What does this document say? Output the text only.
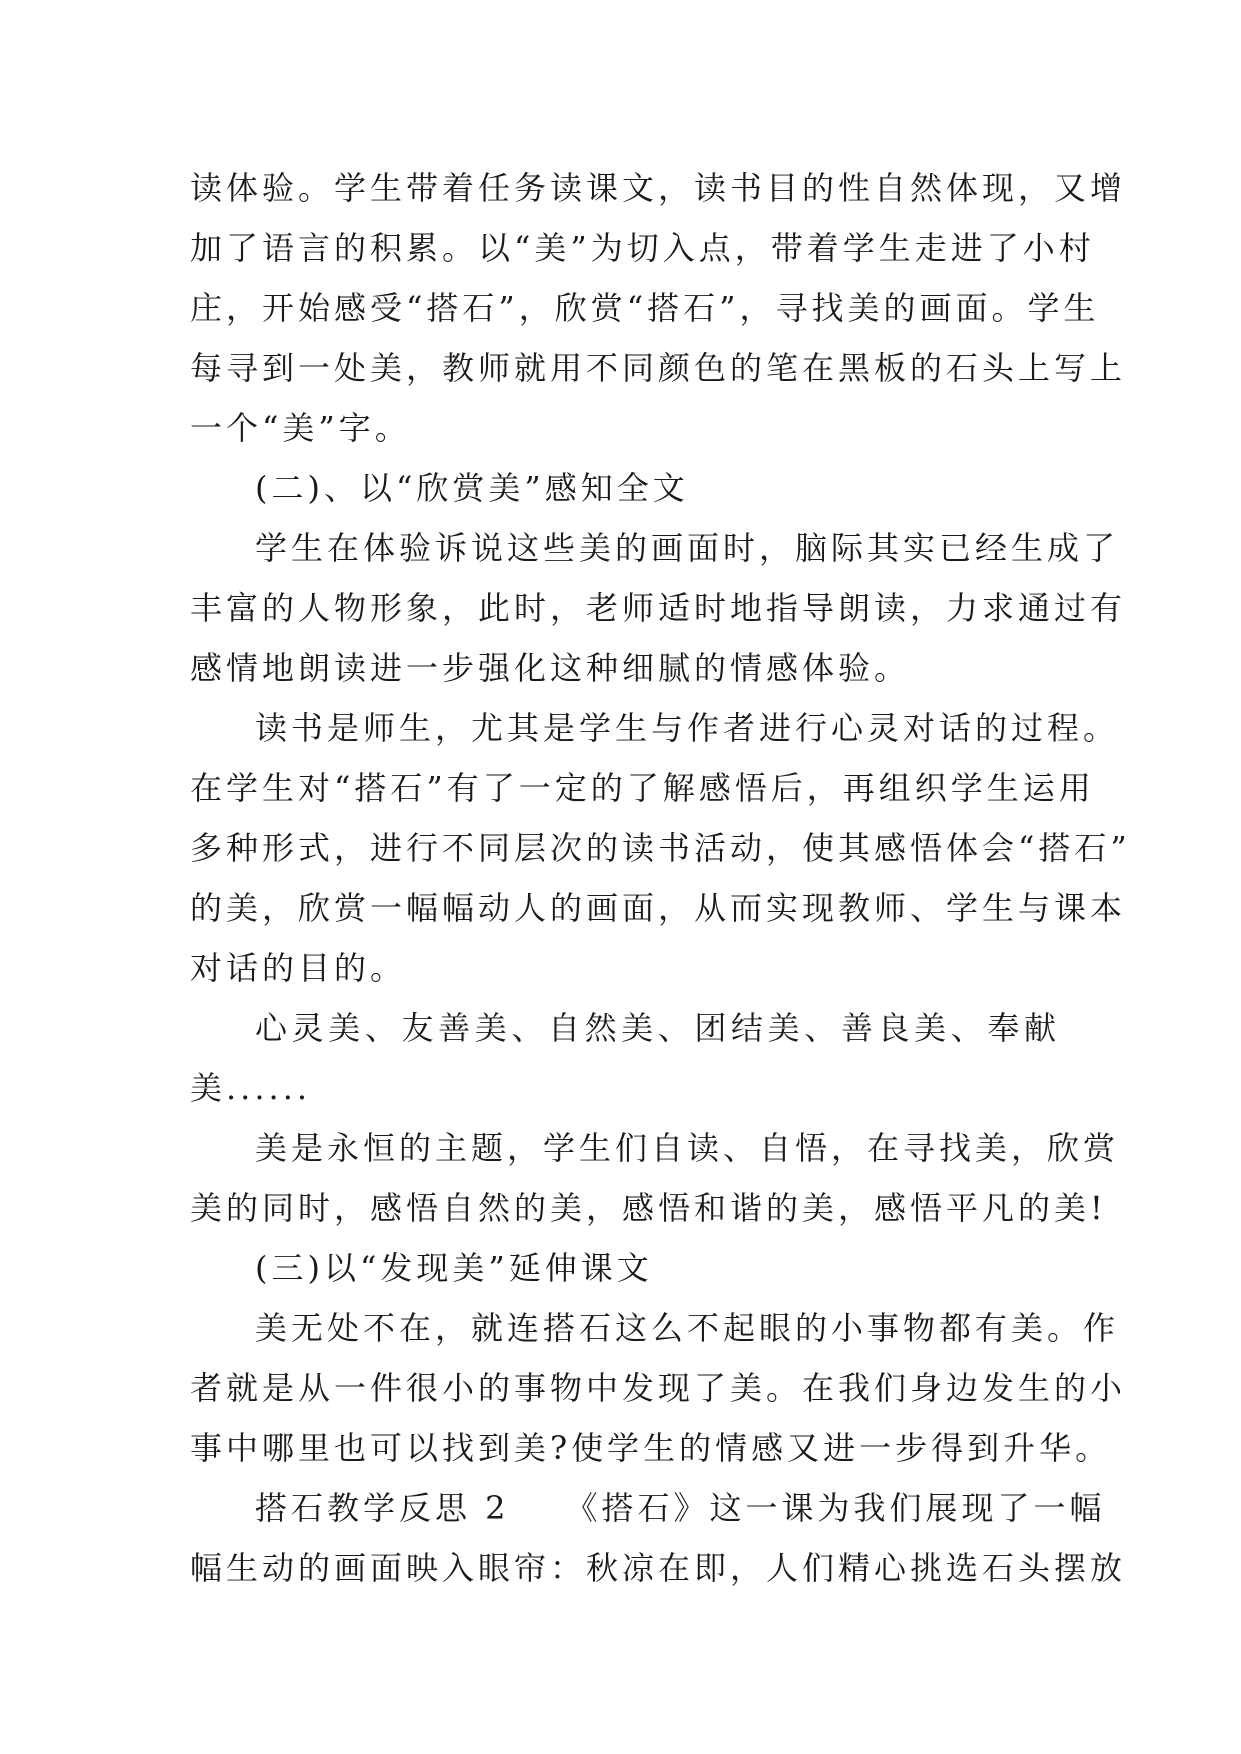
读体验。学生带着任务读课文，读书目的性自然体现，又增
加了语言的积累。以“美”为切入点，带着学生走进了小村
庄，开始感受“搭石”，欣赏“搭石”，寻找美的画面。学生
每寻到一处美，教师就用不同颜色的笔在黑板的石头上写上
一个“美”字。
(二)、以“欣赏美”感知全文
学生在体验诉说这些美的画面时，脑际其实已经生成了
丰富的人物形象，此时，老师适时地指导朗读，力求通过有
感情地朗读进一步强化这种细腻的情感体验。
读书是师生，尤其是学生与作者进行心灵对话的过程。
在学生对“搭石”有了一定的了解感悟后，再组织学生运用
多种形式，进行不同层次的读书活动，使其感悟体会“搭石”
的美，欣赏一幅幅动人的画面，从而实现教师、学生与课本
对话的目的。
心灵美、友善美、自然美、团结美、善良美、奉献
美......
美是永恒的主题，学生们自读、自悟，在寻找美，欣赏
美的同时，感悟自然的美，感悟和谐的美，感悟平凡的美!
(三)以“发现美”延伸课文
美无处不在，就连搭石这么不起眼的小事物都有美。作
者就是从一件很小的事物中发现了美。在我们身边发生的小
事中哪里也可以找到美?使学生的情感又进一步得到升华。
搭石教学反思 2　　《搭石》这一课为我们展现了一幅
幅生动的画面映入眼帘：秋凉在即，人们精心挑选石头摆放
